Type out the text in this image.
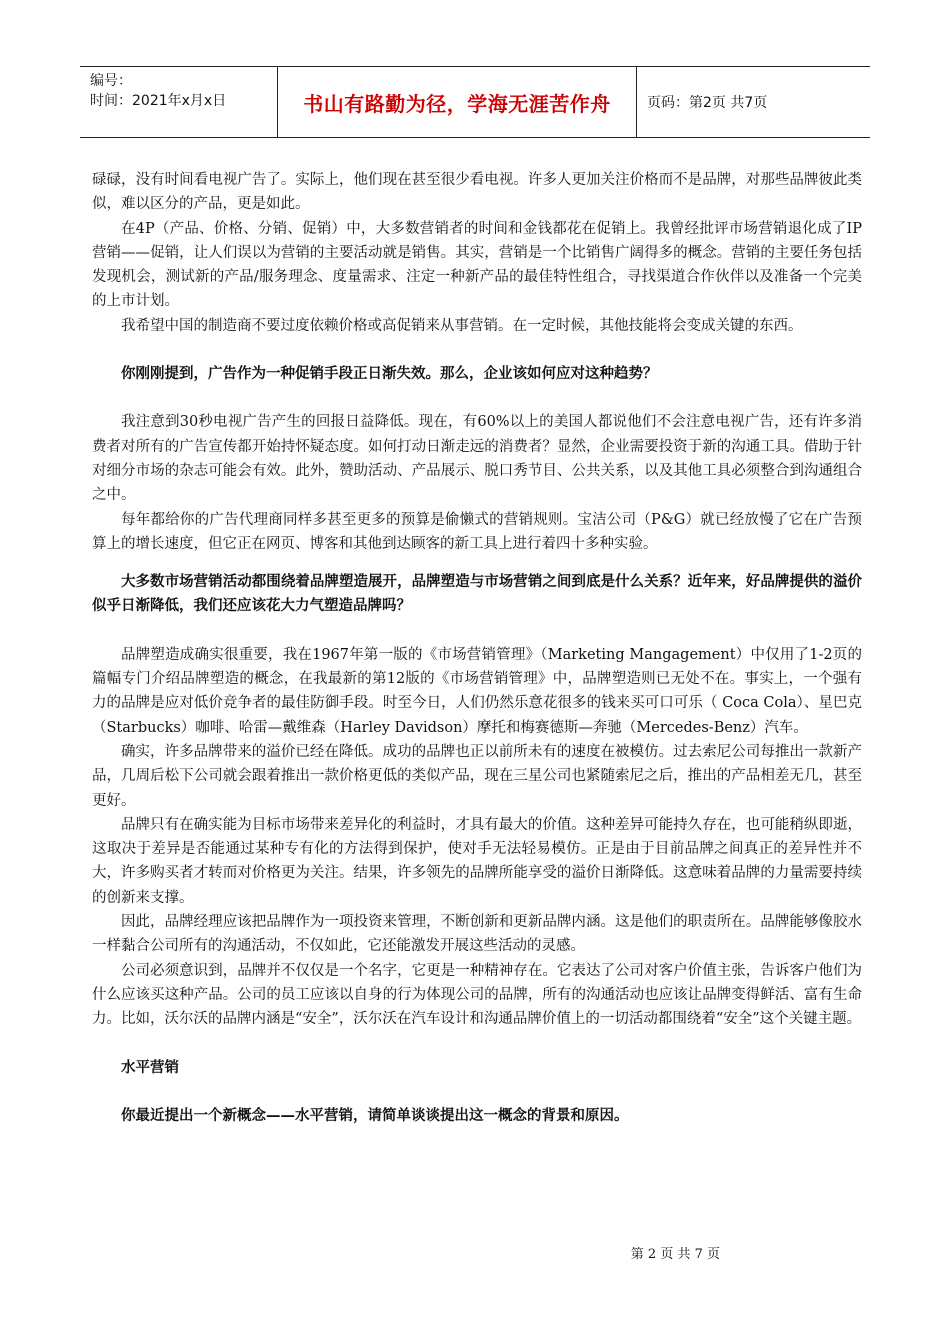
编号：
时间：2021年x月x日	书山有路勤为径，学海无涯苦作舟	页码：第2页 共7页

碌碌，没有时间看电视广告了。实际上，他们现在甚至很少看电视。许多人更加关注价格而不是品牌，对那些品牌彼此类似，难以区分的产品，更是如此。

在4P（产品、价格、分销、促销）中，大多数营销者的时间和金钱都花在促销上。我曾经批评市场营销退化成了IP营销——促销，让人们误以为营销的主要活动就是销售。其实，营销是一个比销售广阔得多的概念。营销的主要任务包括发现机会，测试新的产品/服务理念、度量需求、注定一种新产品的最佳特性组合，寻找渠道合作伙伴以及准备一个完美的上市计划。

我希望中国的制造商不要过度依赖价格或高促销来从事营销。在一定时候，其他技能将会变成关键的东西。

你刚刚提到，广告作为一种促销手段正日渐失效。那么，企业该如何应对这种趋势？

我注意到30秒电视广告产生的回报日益降低。现在，有60%以上的美国人都说他们不会注意电视广告，还有许多消费者对所有的广告宣传都开始持怀疑态度。如何打动日渐走远的消费者？显然，企业需要投资于新的沟通工具。借助于针对细分市场的杂志可能会有效。此外，赞助活动、产品展示、脱口秀节目、公共关系，以及其他工具必须整合到沟通组合之中。

每年都给你的广告代理商同样多甚至更多的预算是偷懒式的营销规则。宝洁公司（P&G）就已经放慢了它在广告预算上的增长速度，但它正在网页、博客和其他到达顾客的新工具上进行着四十多种实验。

大多数市场营销活动都围绕着品牌塑造展开，品牌塑造与市场营销之间到底是什么关系？近年来，好品牌提供的溢价似乎日渐降低，我们还应该花大力气塑造品牌吗？

品牌塑造成确实很重要，我在1967年第一版的《市场营销管理》（Marketing Mangagement）中仅用了1-2页的篇幅专门介绍品牌塑造的概念，在我最新的第12版的《市场营销管理》中，品牌塑造则已无处不在。事实上，一个强有力的品牌是应对低价竞争者的最佳防御手段。时至今日，人们仍然乐意花很多的钱来买可口可乐（ Coca Cola）、星巴克（Starbucks）咖啡、哈雷—戴维森（Harley Davidson）摩托和梅赛德斯—奔驰（Mercedes-Benz）汽车。

确实，许多品牌带来的溢价已经在降低。成功的品牌也正以前所未有的速度在被模仿。过去索尼公司每推出一款新产品，几周后松下公司就会跟着推出一款价格更低的类似产品，现在三星公司也紧随索尼之后，推出的产品相差无几，甚至更好。

品牌只有在确实能为目标市场带来差异化的利益时，才具有最大的价值。这种差异可能持久存在，也可能稍纵即逝，这取决于差异是否能通过某种专有化的方法得到保护，使对手无法轻易模仿。正是由于目前品牌之间真正的差异性并不大，许多购买者才转而对价格更为关注。结果，许多领先的品牌所能享受的溢价日渐降低。这意味着品牌的力量需要持续的创新来支撑。

因此，品牌经理应该把品牌作为一项投资来管理，不断创新和更新品牌内涵。这是他们的职责所在。品牌能够像胶水一样黏合公司所有的沟通活动，不仅如此，它还能激发开展这些活动的灵感。

公司必须意识到，品牌并不仅仅是一个名字，它更是一种精神存在。它表达了公司对客户价值主张，告诉客户他们为什么应该买这种产品。公司的员工应该以自身的行为体现公司的品牌，所有的沟通活动也应该让品牌变得鲜活、富有生命力。比如，沃尔沃的品牌内涵是“安全”，沃尔沃在汽车设计和沟通品牌价值上的一切活动都围绕着“安全”这个关键主题。

水平营销

你最近提出一个新概念——水平营销，请简单谈谈提出这一概念的背景和原因。

第 2 页 共 7 页
